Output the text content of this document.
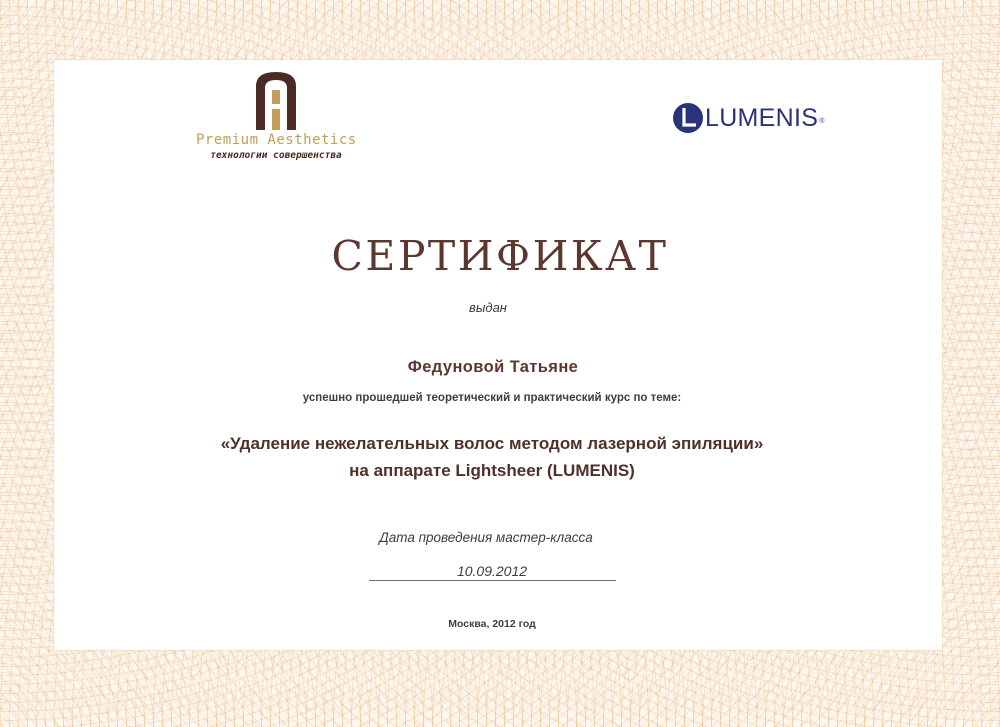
Premium Aesthetics
технологии совершенства
LUMENIS ®
СЕРТИФИКАТ
выдан
Федуновой Татьяне
успешно прошедшей теоретический и практический курс по теме:
«Удаление нежелательных волос методом лазерной эпиляции»
на аппарате Lightsheer (LUMENIS)
Дата проведения мастер-класса
10.09.2012
Москва, 2012 год
